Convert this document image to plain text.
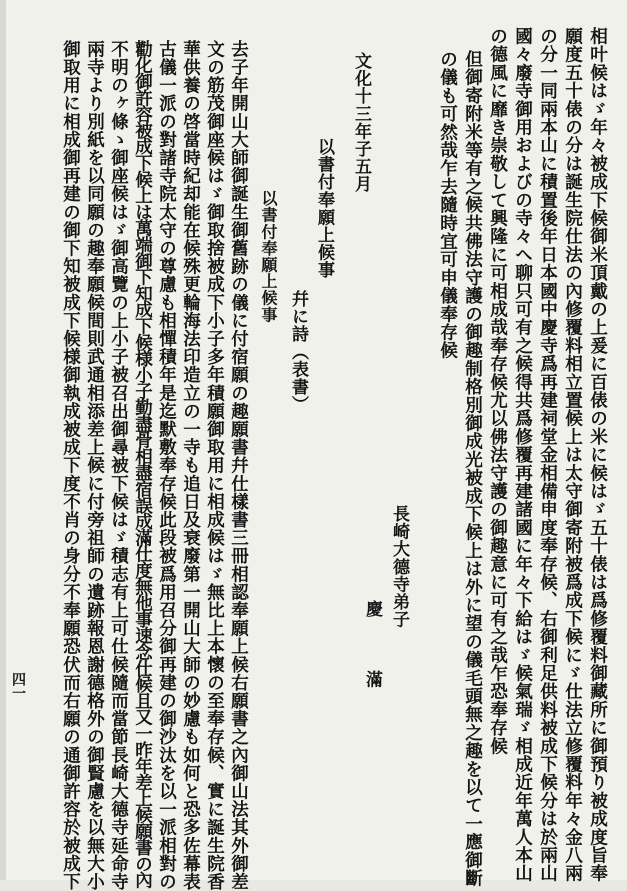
相叶候はゞ年々被成下候御米頂戴の上爰に百俵の米に候はゞ五十俵は爲修覆料御藏所に御預り被成度旨奉
願度五十俵の分は誕生院仕法の內修覆料相立置候上は太守御寄附被爲成下候にゞ仕法立修覆料年々金八兩
の分一同兩本山に積置後年日本國中慶寺爲再建祠堂金相備申度奉存候、右御利足供料被成下候分は於兩山
國々廢寺御用およびの寺々へ聊只可有之候得共爲修覆再建諸國に年々下給はゞ候氣瑞ゞ相成近年萬人本山
の德風に靡き崇敬して興隆に可相成哉奉存候尤以佛法守護の御趣意に可有之哉乍恐奉存候
但御寄附米等有之候共佛法守護の御趣制格別御成光被成下候上は外に望の儀毛頭無之趣を以て一應御斷
の儀も可然哉乍去隨時宜可申儀奉存候
長崎大德寺弟子
慶　　　滿
文化十三年子五月
以書付奉願上候事
幷に詩（表書）
以書付奉願上候事
去子年開山大師御誕生御舊跡の儀に付宿願の趣願書幷仕樣書三冊相認奉願上候右願書之內御山法其外御差
文の筋茂御座候はゞ御取捨被成下小子多年積願御取用に相成候はゞ無比上本懷の至奉存候、實に誕生院香
華供養の啓當時紀却能在候殊更輪海法印造立の一寺も追日及衰廢第一開山大師の妙慮も如何と恐多佐幕表
古儀一派の對諸寺院太守の尊慮も相憚積年是迄默敷奉存候此段被爲用召分御再建の御沙汰を以一派相對の
勸化御許容被成下候上は萬端御下知成下候様小子勤盡骨相盡宿誤成滿仕度無他事速念仕候且又一昨年差上候願書の內
不明のヶ條ゝ御座候はゞ御高覽の上小子被召出御尋被下候はゞ積志有上可仕候隨而當節長崎大德寺延命寺
兩寺より別紙を以同願の趣奉願候間則武通相添差上候に付旁祖師の遺跡報恩謝德格外の御賢慮を以無大小
御取用に相成御再建の御下知被成下候様御執成被成下度不肖の身分不奉願恐伏而右願の通御許容於被成下
四一
